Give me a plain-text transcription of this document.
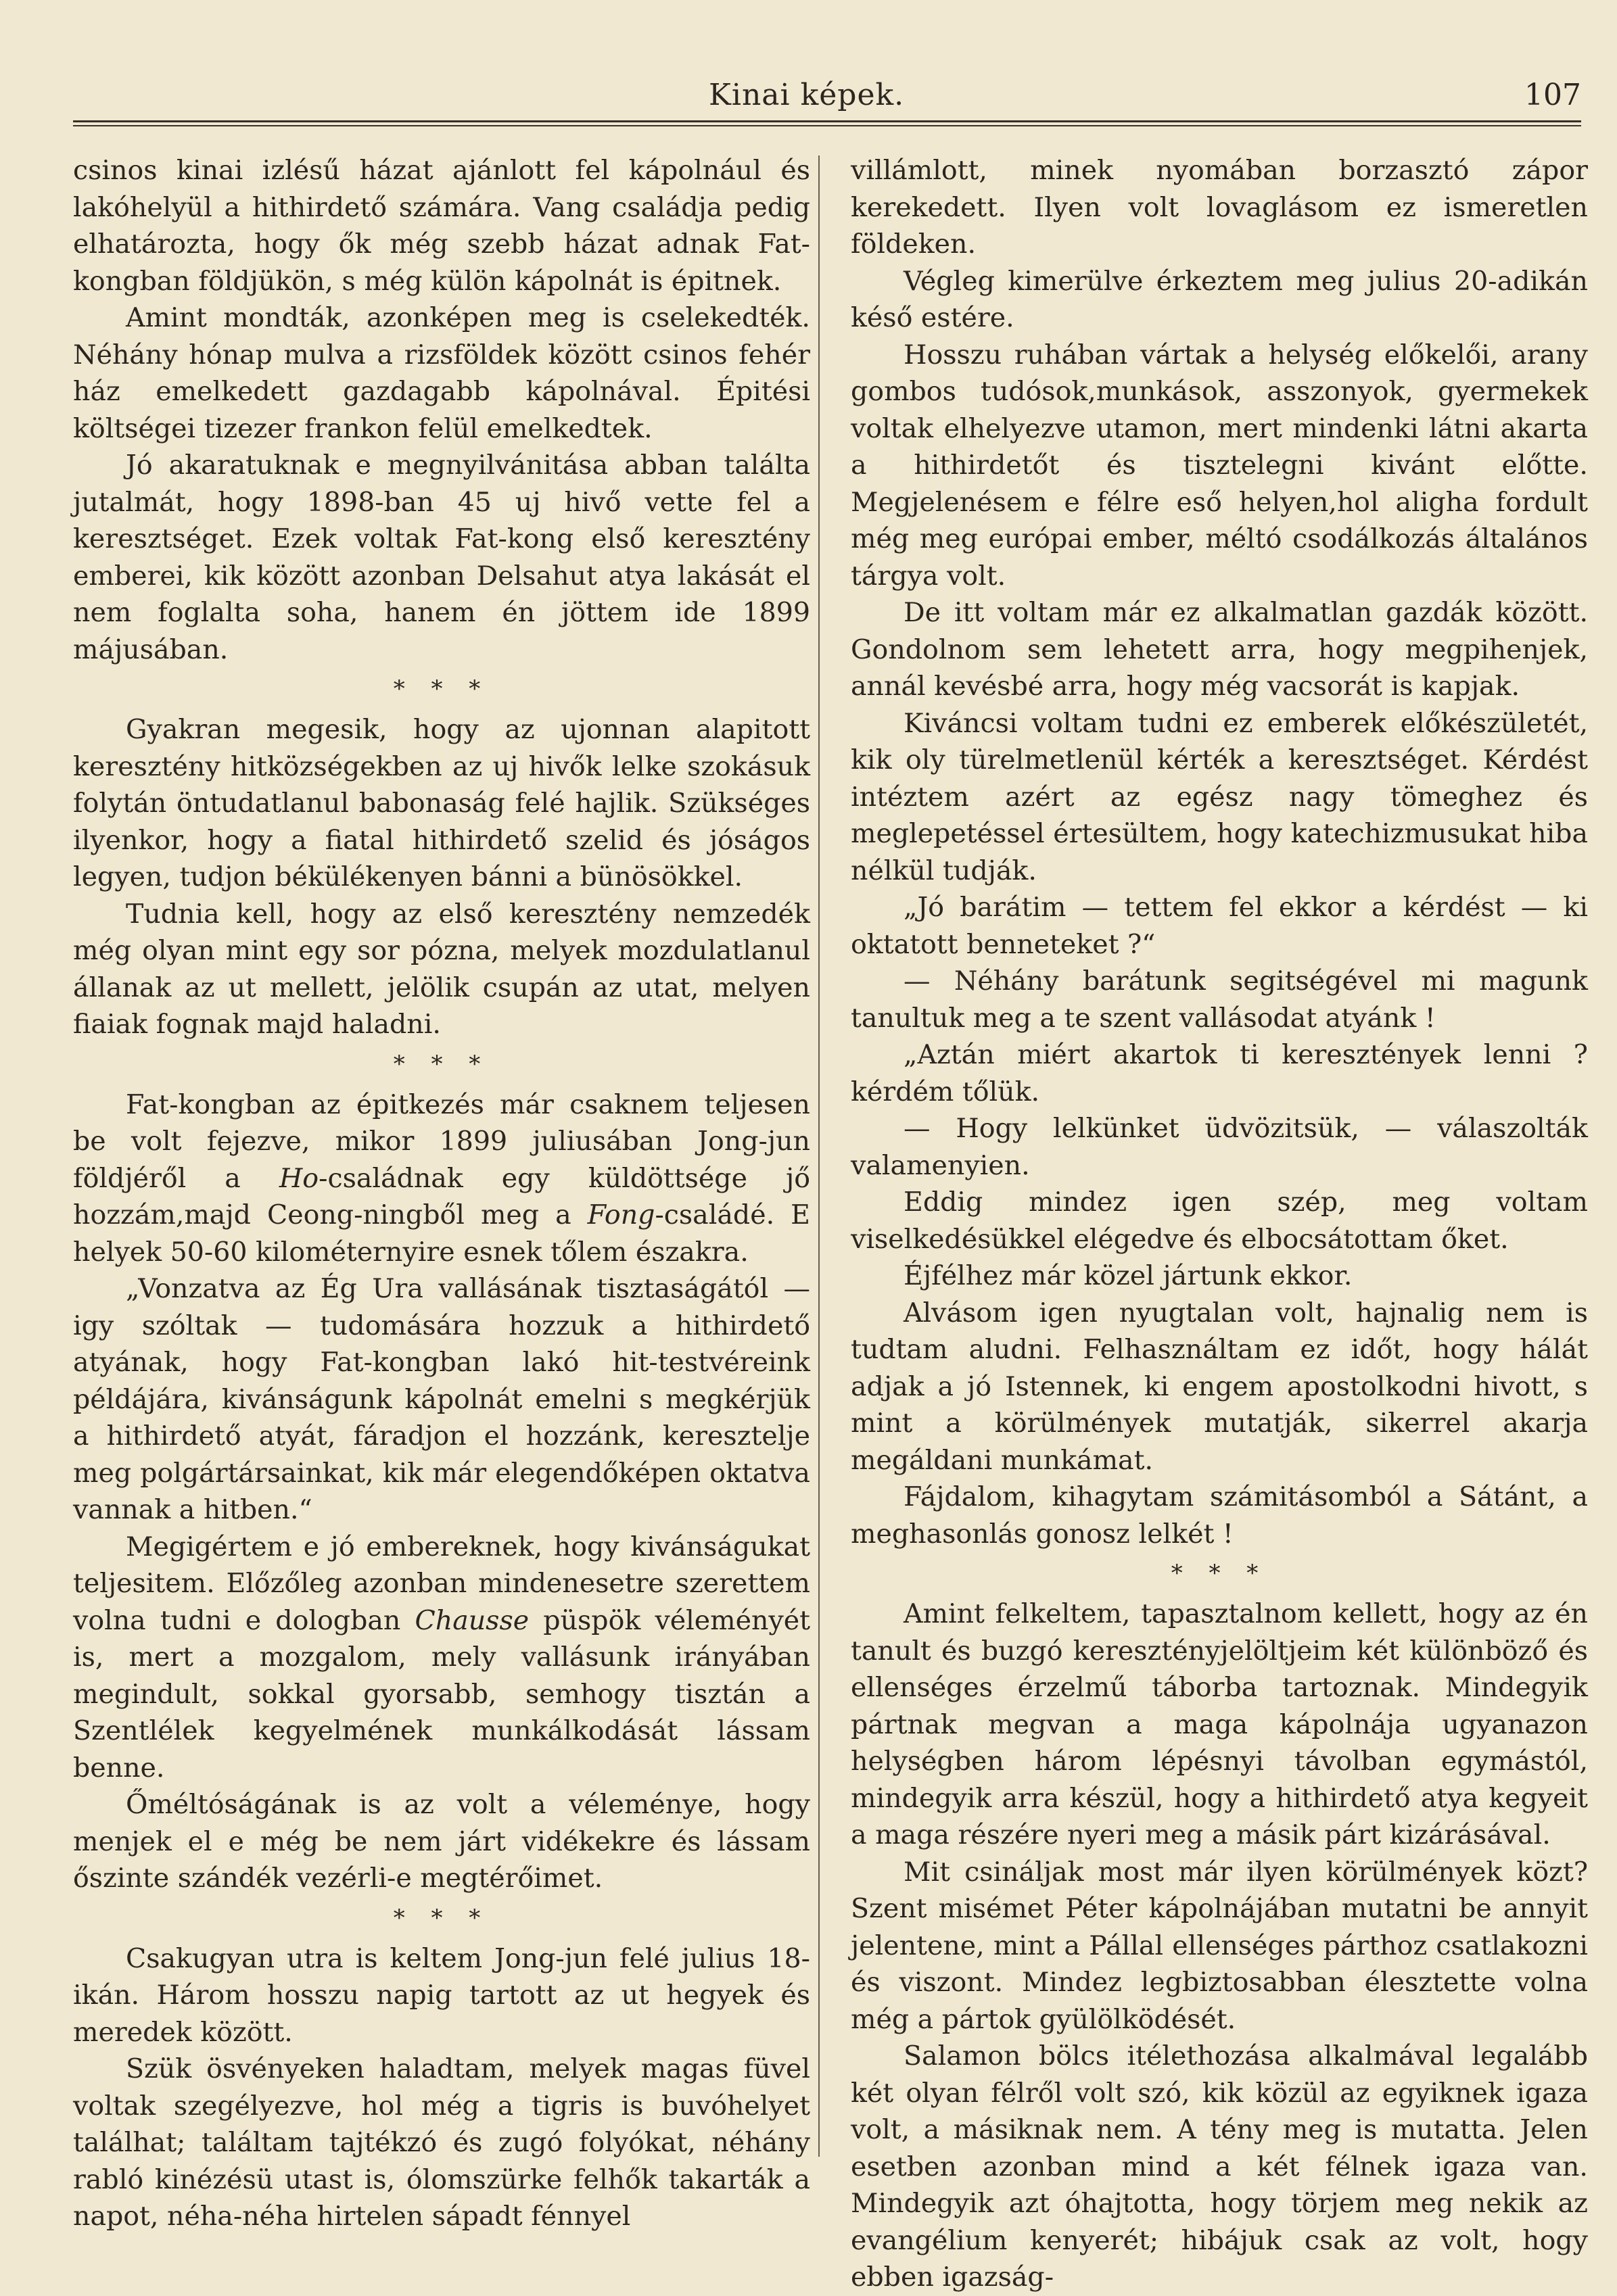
Kinai képek.	107

csinos kinai izlésű házat ajánlott fel kápolnául és lakóhelyül a hithirdető számára. Vang családja pedig elhatározta, hogy ők még szebb házat adnak Fat-kongban földjükön, s még külön kápolnát is épitnek.

Amint mondták, azonképen meg is cselekedték. Néhány hónap mulva a rizsföldek között csinos fehér ház emelkedett gazdagabb kápolnával. Épitési költségei tizezer frankon felül emelkedtek.

Jó akaratuknak e megnyilvánitása abban találta jutalmát, hogy 1898-ban 45 uj hivő vette fel a keresztséget. Ezek voltak Fat-kong első keresztény emberei, kik között azonban Delsahut atya lakását el nem foglalta soha, hanem én jöttem ide 1899 májusában.

* * *

Gyakran megesik, hogy az ujonnan alapitott keresztény hitközségekben az uj hivők lelke szokásuk folytán öntudatlanul babonaság felé hajlik. Szükséges ilyenkor, hogy a fiatal hithirdető szelid és jóságos legyen, tudjon békülékenyen bánni a bünösökkel.

Tudnia kell, hogy az első keresztény nemzedék még olyan mint egy sor pózna, melyek mozdulatlanul állanak az ut mellett, jelölik csupán az utat, melyen fiaiak fognak majd haladni.

* * *

Fat-kongban az épitkezés már csaknem teljesen be volt fejezve, mikor 1899 juliusában Jong-jun földjéről a Ho-családnak egy küldöttsége jő hozzám,majd Ceong-ningből meg a Fong-családé. E helyek 50-60 kilométernyire esnek tőlem északra.

„Vonzatva az Ég Ura vallásának tisztaságától — igy szóltak — tudomására hozzuk a hithirdető atyának, hogy Fat-kongban lakó hit-testvéreink példájára, kivánságunk kápolnát emelni s megkérjük a hithirdető atyát, fáradjon el hozzánk, keresztelje meg polgártársainkat, kik már elegendőképen oktatva vannak a hitben.“

Megigértem e jó embereknek, hogy kivánságukat teljesitem. Előzőleg azonban mindenesetre szerettem volna tudni e dologban Chausse püspök véleményét is, mert a mozgalom, mely vallásunk irányában megindult, sokkal gyorsabb, semhogy tisztán a Szentlélek kegyelmének munkálkodását lássam benne.

Őméltóságának is az volt a véleménye, hogy menjek el e még be nem járt vidékekre és lássam őszinte szándék vezérli-e megtérőimet.

* * *

Csakugyan utra is keltem Jong-jun felé julius 18-ikán. Három hosszu napig tartott az ut hegyek és meredek között.

Szük ösvényeken haladtam, melyek magas füvel voltak szegélyezve, hol még a tigris is buvóhelyet találhat; találtam tajtékzó és zugó folyókat, néhány rabló kinézésü utast is, ólomszürke felhők takarták a napot, néha-néha hirtelen sápadt fénnyel

villámlott, minek nyomában borzasztó zápor kerekedett. Ilyen volt lovaglásom ez ismeretlen földeken.

Végleg kimerülve érkeztem meg julius 20-adikán késő estére.

Hosszu ruhában vártak a helység előkelői, arany gombos tudósok,munkások, asszonyok, gyermekek voltak elhelyezve utamon, mert mindenki látni akarta a hithirdetőt és tisztelegni kivánt előtte. Megjelenésem e félre eső helyen,hol aligha fordult még meg európai ember, méltó csodálkozás általános tárgya volt.

De itt voltam már ez alkalmatlan gazdák között. Gondolnom sem lehetett arra, hogy megpihenjek, annál kevésbé arra, hogy még vacsorát is kapjak.

Kiváncsi voltam tudni ez emberek előkészületét, kik oly türelmetlenül kérték a keresztséget. Kérdést intéztem azért az egész nagy tömeghez és meglepetéssel értesültem, hogy katechizmusukat hiba nélkül tudják.

„Jó barátim — tettem fel ekkor a kérdést — ki oktatott benneteket ?“

— Néhány barátunk segitségével mi magunk tanultuk meg a te szent vallásodat atyánk !

„Aztán miért akartok ti keresztények lenni ? kérdém tőlük.

— Hogy lelkünket üdvözitsük, — válaszolták valamenyien.

Eddig mindez igen szép, meg voltam viselkedésükkel elégedve és elbocsátottam őket.

Éjfélhez már közel jártunk ekkor.

Alvásom igen nyugtalan volt, hajnalig nem is tudtam aludni. Felhasználtam ez időt, hogy hálát adjak a jó Istennek, ki engem apostolkodni hivott, s mint a körülmények mutatják, sikerrel akarja megáldani munkámat.

Fájdalom, kihagytam számitásomból a Sátánt, a meghasonlás gonosz lelkét !

* * *

Amint felkeltem, tapasztalnom kellett, hogy az én tanult és buzgó keresztényjelöltjeim két különböző és ellenséges érzelmű táborba tartoznak. Mindegyik pártnak megvan a maga kápolnája ugyanazon helységben három lépésnyi távolban egymástól, mindegyik arra készül, hogy a hithirdető atya kegyeit a maga részére nyeri meg a másik párt kizárásával.

Mit csináljak most már ilyen körülmények közt? Szent misémet Péter kápolnájában mutatni be annyit jelentene, mint a Pállal ellenséges párthoz csatlakozni és viszont. Mindez legbiztosabban élesztette volna még a pártok gyülölködését.

Salamon bölcs itélethozása alkalmával legalább két olyan félről volt szó, kik közül az egyiknek igaza volt, a másiknak nem. A tény meg is mutatta. Jelen esetben azonban mind a két félnek igaza van. Mindegyik azt óhajtotta, hogy törjem meg nekik az evangélium kenyerét; hibájuk csak az volt, hogy ebben igazság-
